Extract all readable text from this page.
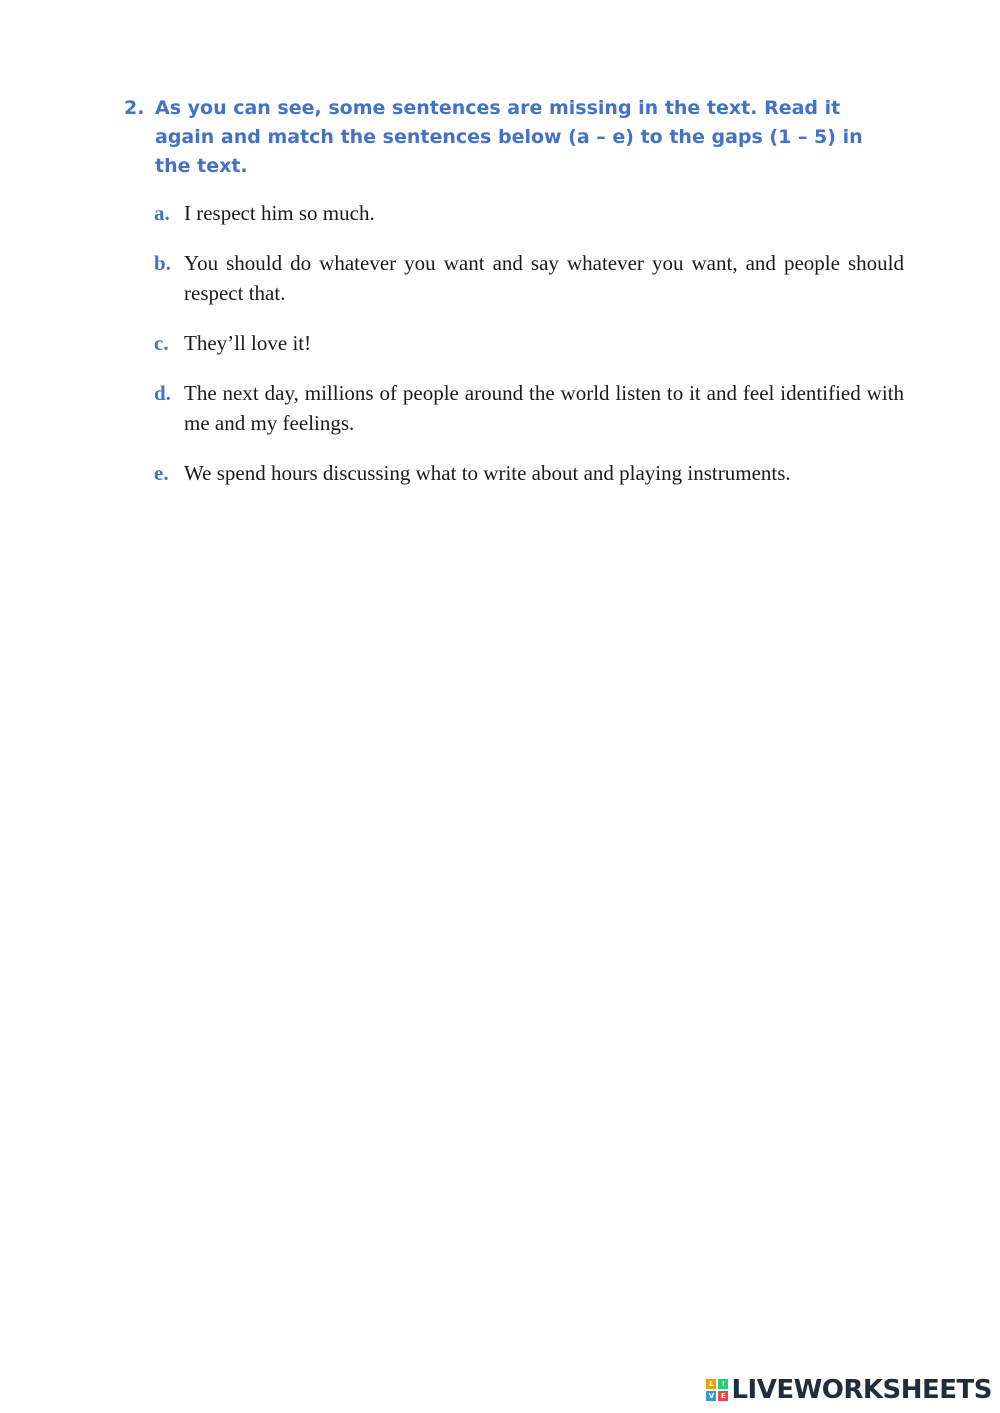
2. As you can see, some sentences are missing in the text. Read it again and match the sentences below (a – e) to the gaps (1 – 5) in the text.
a. I respect him so much.
b. You should do whatever you want and say whatever you want, and people should respect that.
c. They’ll love it!
d. The next day, millions of people around the world listen to it and feel identified with me and my feelings.
e. We spend hours discussing what to write about and playing instruments.
L	I
V E LIVEWORKSHEETS
